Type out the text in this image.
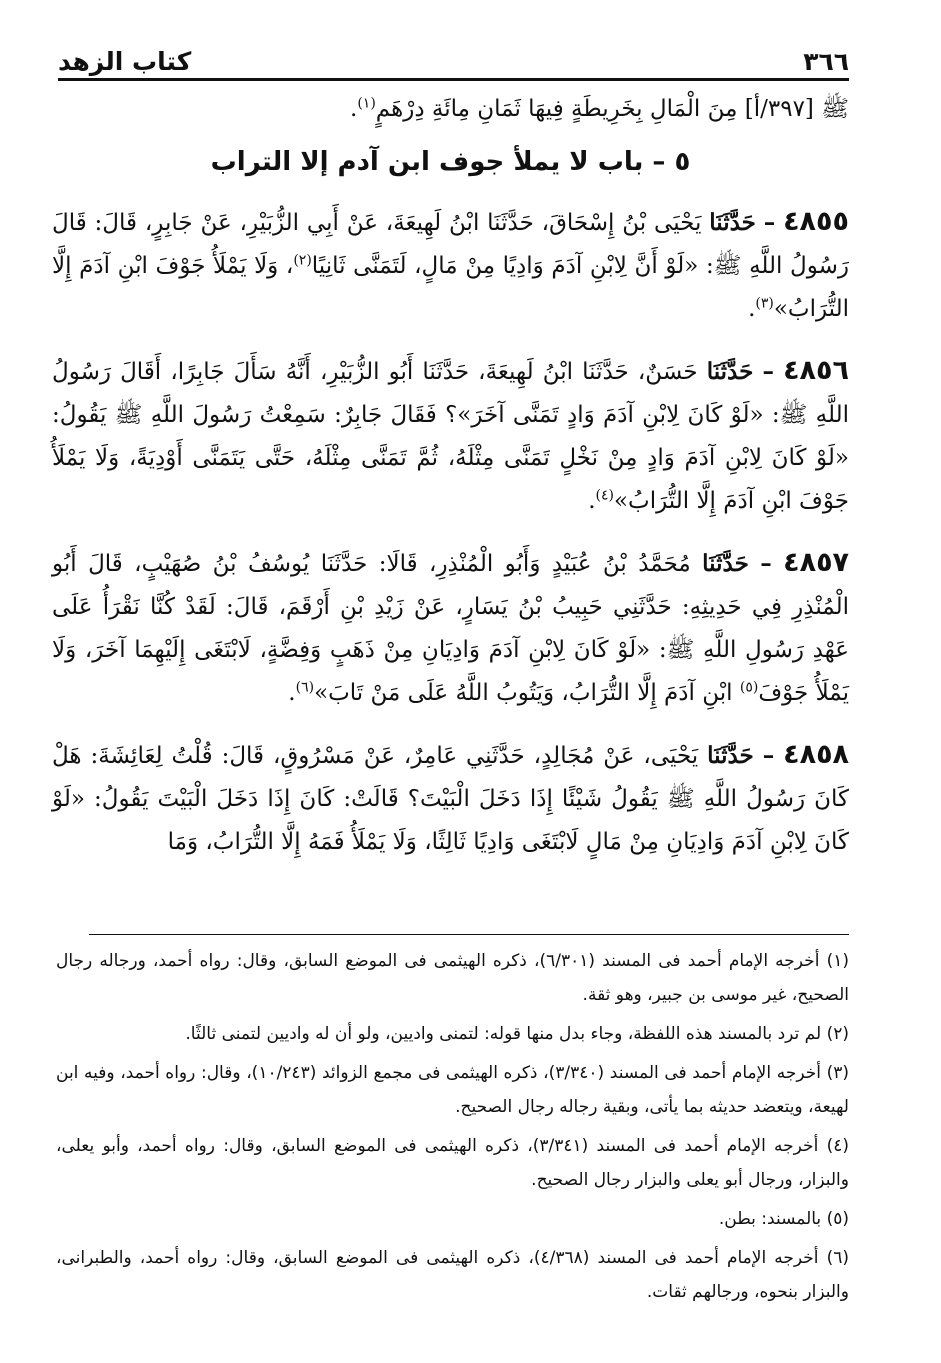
٣٦٦
كتاب الزهد

ﷺ [٣٩٧/أ] مِنَ الْمَالِ بِخَرِيطَةٍ فِيهَا ثَمَانِ مِائَةِ دِرْهَمٍ$^{(١)}$.

٥ – باب لا يملأ جوف ابن آدم إلا التراب

٤٨٥٥ – حَدَّثَنَا يَحْيَى بْنُ إِسْحَاقَ، حَدَّثَنَا ابْنُ لَهِيعَةَ، عَنْ أَبِي الزُّبَيْرِ، عَنْ جَابِرٍ، قَالَ: قَالَ رَسُولُ اللَّهِ ﷺ: «لَوْ أَنَّ لِابْنِ آدَمَ وَادِيًا مِنْ مَالٍ، لَتَمَنَّى ثَانِيًا$^{(٢)}$، وَلَا يَمْلَأُ جَوْفَ ابْنِ آدَمَ إِلَّا التُّرَابُ»$^{(٣)}$.

٤٨٥٦ – حَدَّثَنَا حَسَنٌ، حَدَّثَنَا ابْنُ لَهِيعَةَ، حَدَّثَنَا أَبُو الزُّبَيْرِ، أَنَّهُ سَأَلَ جَابِرًا، أَقَالَ رَسُولُ اللَّهِ ﷺ: «لَوْ كَانَ لِابْنِ آدَمَ وَادٍ تَمَنَّى آخَرَ»؟ فَقَالَ جَابِرٌ: سَمِعْتُ رَسُولَ اللَّهِ ﷺ يَقُولُ: «لَوْ كَانَ لِابْنِ آدَمَ وَادٍ مِنْ نَخْلٍ تَمَنَّى مِثْلَهُ، ثُمَّ تَمَنَّى مِثْلَهُ، حَتَّى يَتَمَنَّى أَوْدِيَةً، وَلَا يَمْلَأُ جَوْفَ ابْنِ آدَمَ إِلَّا التُّرَابُ»$^{(٤)}$.

٤٨٥٧ – حَدَّثَنَا مُحَمَّدُ بْنُ عُبَيْدٍ وَأَبُو الْمُنْذِرِ، قَالَا: حَدَّثَنَا يُوسُفُ بْنُ صُهَيْبٍ، قَالَ أَبُو الْمُنْذِرِ فِي حَدِيثِهِ: حَدَّثَنِي حَبِيبُ بْنُ يَسَارٍ، عَنْ زَيْدِ بْنِ أَرْقَمَ، قَالَ: لَقَدْ كُنَّا نَقْرَأُ عَلَى عَهْدِ رَسُولِ اللَّهِ ﷺ: «لَوْ كَانَ لِابْنِ آدَمَ وَادِيَانِ مِنْ ذَهَبٍ وَفِضَّةٍ، لَابْتَغَى إِلَيْهِمَا آخَرَ، وَلَا يَمْلَأُ جَوْفَ$^{(٥)}$ ابْنِ آدَمَ إِلَّا التُّرَابُ، وَيَتُوبُ اللَّهُ عَلَى مَنْ تَابَ»$^{(٦)}$.

٤٨٥٨ – حَدَّثَنَا يَحْيَى، عَنْ مُجَالِدٍ، حَدَّثَنِي عَامِرٌ، عَنْ مَسْرُوقٍ، قَالَ: قُلْتُ لِعَائِشَةَ: هَلْ كَانَ رَسُولُ اللَّهِ ﷺ يَقُولُ شَيْئًا إِذَا دَخَلَ الْبَيْتَ؟ قَالَتْ: كَانَ إِذَا دَخَلَ الْبَيْتَ يَقُولُ: «لَوْ كَانَ لِابْنِ آدَمَ وَادِيَانِ مِنْ مَالٍ لَابْتَغَى وَادِيًا ثَالِثًا، وَلَا يَمْلَأُ فَمَهُ إِلَّا التُّرَابُ، وَمَا

(١) أخرجه الإمام أحمد فى المسند (٦/٣٠١)، ذكره الهيثمى فى الموضع السابق، وقال: رواه أحمد، ورجاله رجال الصحيح، غير موسى بن جبير، وهو ثقة.

(٢) لم ترد بالمسند هذه اللفظة، وجاء بدل منها قوله: لتمنى واديين، ولو أن له واديين لتمنى ثالثًا.

(٣) أخرجه الإمام أحمد فى المسند (٣/٣٤٠)، ذكره الهيثمى فى مجمع الزوائد (١٠/٢٤٣)، وقال: رواه أحمد، وفيه ابن لهيعة، ويتعضد حديثه بما يأتى، وبقية رجاله رجال الصحيح.

(٤) أخرجه الإمام أحمد فى المسند (٣/٣٤١)، ذكره الهيثمى فى الموضع السابق، وقال: رواه أحمد، وأبو يعلى، والبزار، ورجال أبو يعلى والبزار رجال الصحيح.

(٥) بالمسند: بطن.

(٦) أخرجه الإمام أحمد فى المسند (٤/٣٦٨)، ذكره الهيثمى فى الموضع السابق، وقال: رواه أحمد، والطبرانى، والبزار بنحوه، ورجالهم ثقات.
